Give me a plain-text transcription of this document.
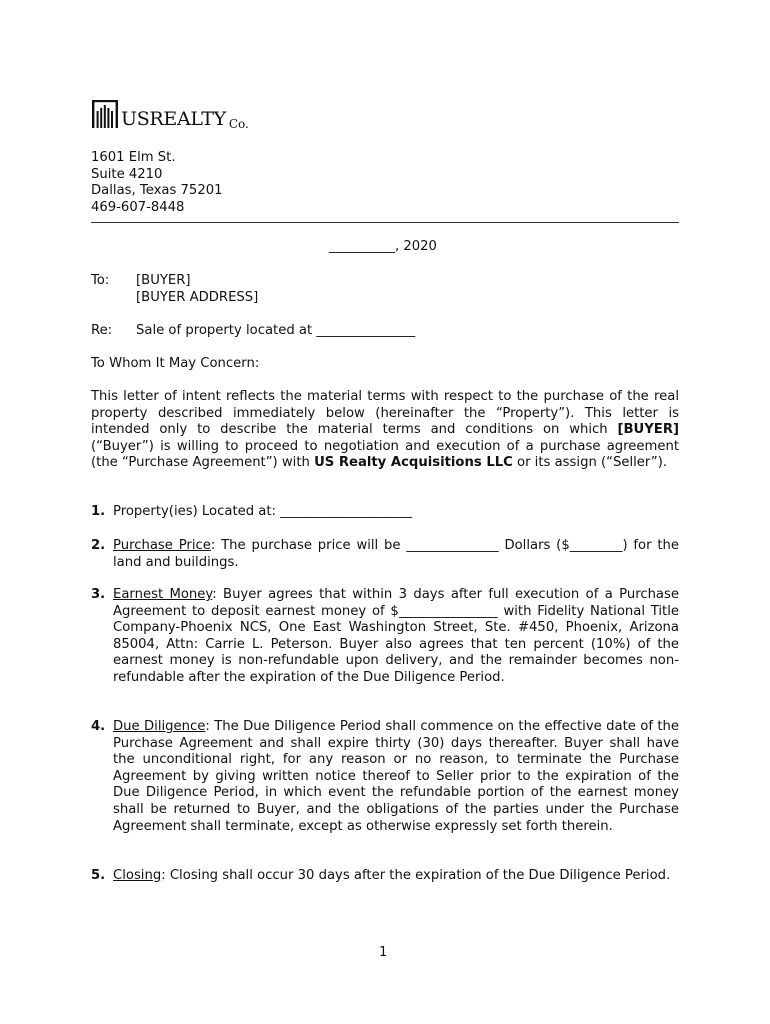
USREALTY Co.
1601 Elm St.
Suite 4210
Dallas, Texas 75201
469-607-8448
__________, 2020
To:	[BUYER]
[BUYER ADDRESS]
Re:	Sale of property located at _______________
To Whom It May Concern:
This letter of intent reflects the material terms with respect to the purchase of the real property described immediately below (hereinafter the “Property”). This letter is intended only to describe the material terms and conditions on which [BUYER] (“Buyer”) is willing to proceed to negotiation and execution of a purchase agreement (the “Purchase Agreement”) with US Realty Acquisitions LLC or its assign (“Seller”).
1. Property(ies) Located at: ____________________
2. Purchase Price: The purchase price will be ______________ Dollars ($________) for the land and buildings.
3. Earnest Money: Buyer agrees that within 3 days after full execution of a Purchase Agreement to deposit earnest money of $_______________ with Fidelity National Title Company-Phoenix NCS, One East Washington Street, Ste. #450, Phoenix, Arizona 85004, Attn: Carrie L. Peterson. Buyer also agrees that ten percent (10%) of the earnest money is non-refundable upon delivery, and the remainder becomes non-refundable after the expiration of the Due Diligence Period.
4. Due Diligence: The Due Diligence Period shall commence on the effective date of the Purchase Agreement and shall expire thirty (30) days thereafter. Buyer shall have the unconditional right, for any reason or no reason, to terminate the Purchase Agreement by giving written notice thereof to Seller prior to the expiration of the Due Diligence Period, in which event the refundable portion of the earnest money shall be returned to Buyer, and the obligations of the parties under the Purchase Agreement shall terminate, except as otherwise expressly set forth therein.
5. Closing: Closing shall occur 30 days after the expiration of the Due Diligence Period.
1
